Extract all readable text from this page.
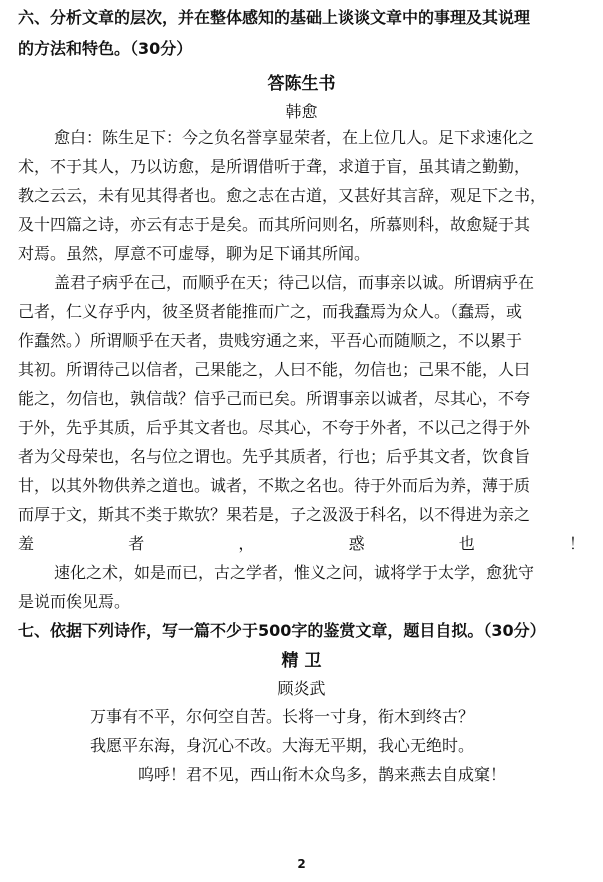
六、分析文章的层次，并在整体感知的基础上谈谈文章中的事理及其说理
的方法和特色。（30分）
答陈生书
韩愈
愈白：陈生足下：今之负名誉享显荣者，在上位几人。足下求速化之
术，不于其人，乃以访愈，是所谓借听于聋，求道于盲，虽其请之勤勤，
教之云云，未有见其得者也。愈之志在古道，又甚好其言辞，观足下之书，
及十四篇之诗，亦云有志于是矣。而其所问则名，所慕则科，故愈疑于其
对焉。虽然，厚意不可虚辱，聊为足下诵其所闻。
盖君子病乎在己，而顺乎在天；待己以信，而事亲以诚。所谓病乎在
己者，仁义存乎内，彼圣贤者能推而广之，而我蠢焉为众人。（蠢焉，或
作蠢然。）所谓顺乎在天者，贵贱穷通之来，平吾心而随顺之，不以累于
其初。所谓待己以信者，己果能之，人曰不能，勿信也；己果不能，人曰
能之，勿信也，孰信哉？信乎己而已矣。所谓事亲以诚者，尽其心，不夸
于外，先乎其质，后乎其文者也。尽其心，不夸于外者，不以己之得于外
者为父母荣也，名与位之谓也。先乎其质者，行也；后乎其文者，饮食旨
甘，以其外物供养之道也。诚者，不欺之名也。待于外而后为养，薄于质
而厚于文，斯其不类于欺欤？果若是，子之汲汲于科名，以不得进为亲之
羞	者	，	惑	也	！
速化之术，如是而已，古之学者，惟义之问，诚将学于太学，愈犹守
是说而俟见焉。
七、依据下列诗作，写一篇不少于500字的鉴赏文章，题目自拟。（30分）
精 卫
顾炎武
万事有不平，尔何空自苦。长将一寸身，衔木到终古？
我愿平东海，身沉心不改。大海无平期，我心无绝时。
呜呼！君不见，西山衔木众鸟多，鹊来燕去自成窠！
2
